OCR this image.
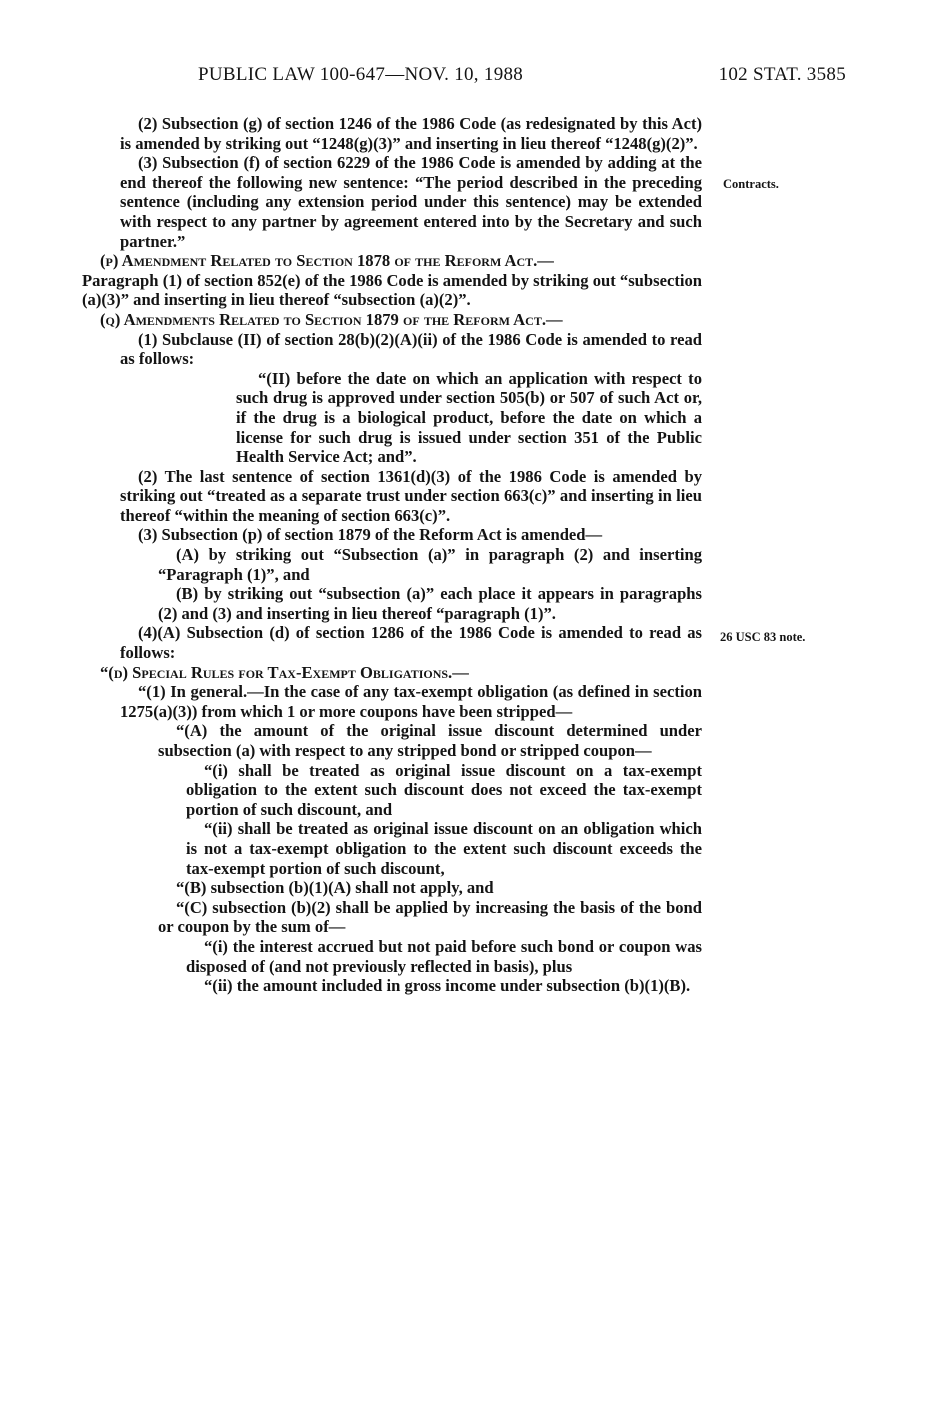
PUBLIC LAW 100-647—NOV. 10, 1988	102 STAT. 3585
Contracts.
26 USC 83 note.

(2) Subsection (g) of section 1246 of the 1986 Code (as redesignated by this Act) is amended by striking out “1248(g)(3)” and inserting in lieu thereof “1248(g)(2)”.

(3) Subsection (f) of section 6229 of the 1986 Code is amended by adding at the end thereof the following new sentence: “The period described in the preceding sentence (including any extension period under this sentence) may be extended with respect to any partner by agreement entered into by the Secretary and such partner.”

(p) Amendment Related to Section 1878 of the Reform Act.—

Paragraph (1) of section 852(e) of the 1986 Code is amended by striking out “subsection (a)(3)” and inserting in lieu thereof “subsection (a)(2)”.

(q) Amendments Related to Section 1879 of the Reform Act.—

(1) Subclause (II) of section 28(b)(2)(A)(ii) of the 1986 Code is amended to read as follows:

“(II) before the date on which an application with respect to such drug is approved under section 505(b) or 507 of such Act or, if the drug is a biological product, before the date on which a license for such drug is issued under section 351 of the Public Health Service Act; and”.

(2) The last sentence of section 1361(d)(3) of the 1986 Code is amended by striking out “treated as a separate trust under section 663(c)” and inserting in lieu thereof “within the meaning of section 663(c)”.

(3) Subsection (p) of section 1879 of the Reform Act is amended—

(A) by striking out “Subsection (a)” in paragraph (2) and inserting “Paragraph (1)”, and

(B) by striking out “subsection (a)” each place it appears in paragraphs (2) and (3) and inserting in lieu thereof “paragraph (1)”.

(4)(A) Subsection (d) of section 1286 of the 1986 Code is amended to read as follows:

“(d) Special Rules for Tax-Exempt Obligations.—

“(1) In general.—In the case of any tax-exempt obligation (as defined in section 1275(a)(3)) from which 1 or more coupons have been stripped—

“(A) the amount of the original issue discount determined under subsection (a) with respect to any stripped bond or stripped coupon—

“(i) shall be treated as original issue discount on a tax-exempt obligation to the extent such discount does not exceed the tax-exempt portion of such discount, and

“(ii) shall be treated as original issue discount on an obligation which is not a tax-exempt obligation to the extent such discount exceeds the tax-exempt portion of such discount,

“(B) subsection (b)(1)(A) shall not apply, and

“(C) subsection (b)(2) shall be applied by increasing the basis of the bond or coupon by the sum of—

“(i) the interest accrued but not paid before such bond or coupon was disposed of (and not previously reflected in basis), plus

“(ii) the amount included in gross income under subsection (b)(1)(B).
